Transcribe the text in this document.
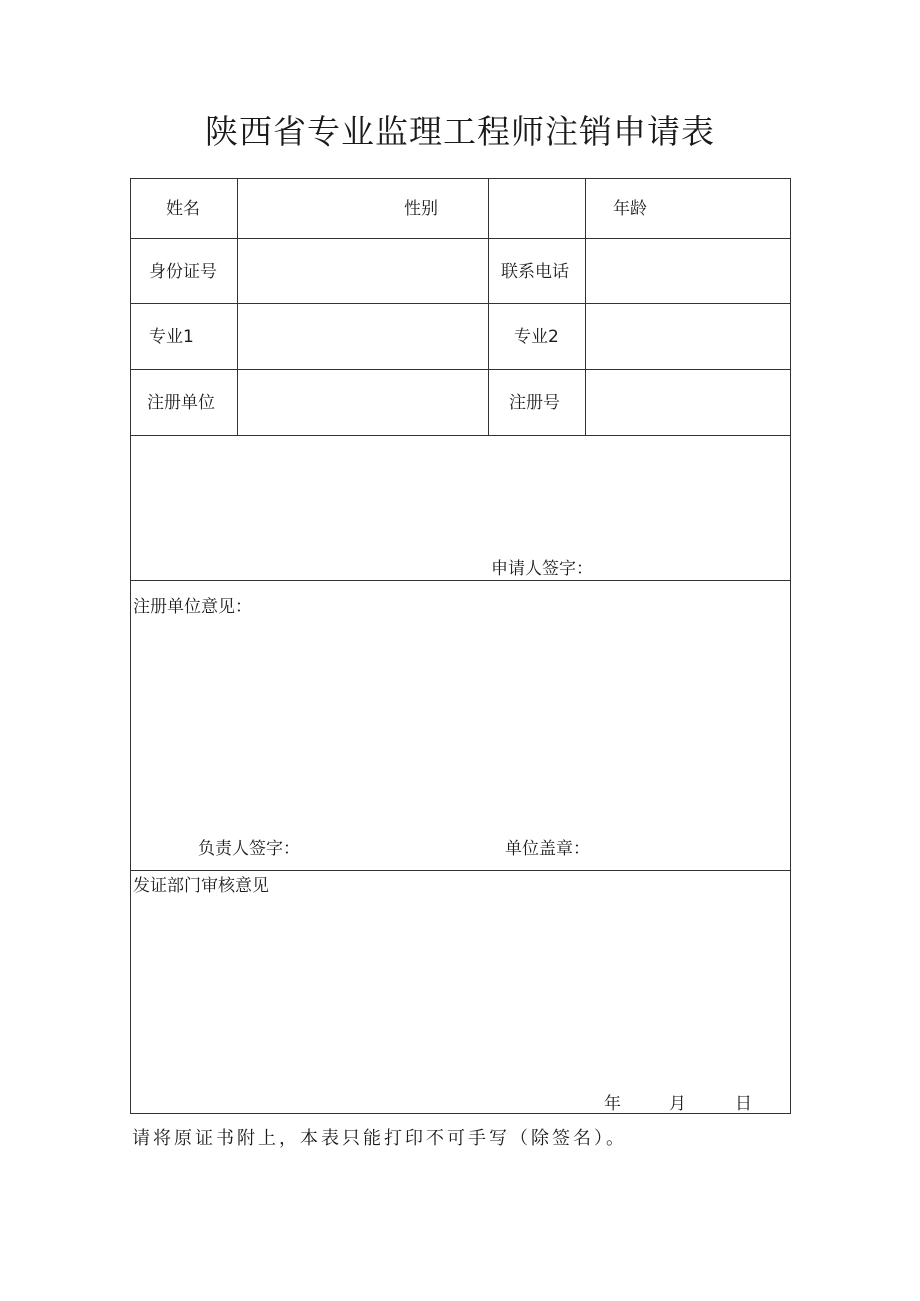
陕西省专业监理工程师注销申请表
姓名	性别	年龄
身份证号	联系电话
专业1	专业2
注册单位	注册号
申请人签字：
注册单位意见：
负责人签字：	单位盖章：
发证部门审核意见
年	月	日
请将原证书附上，本表只能打印不可手写（除签名）。
